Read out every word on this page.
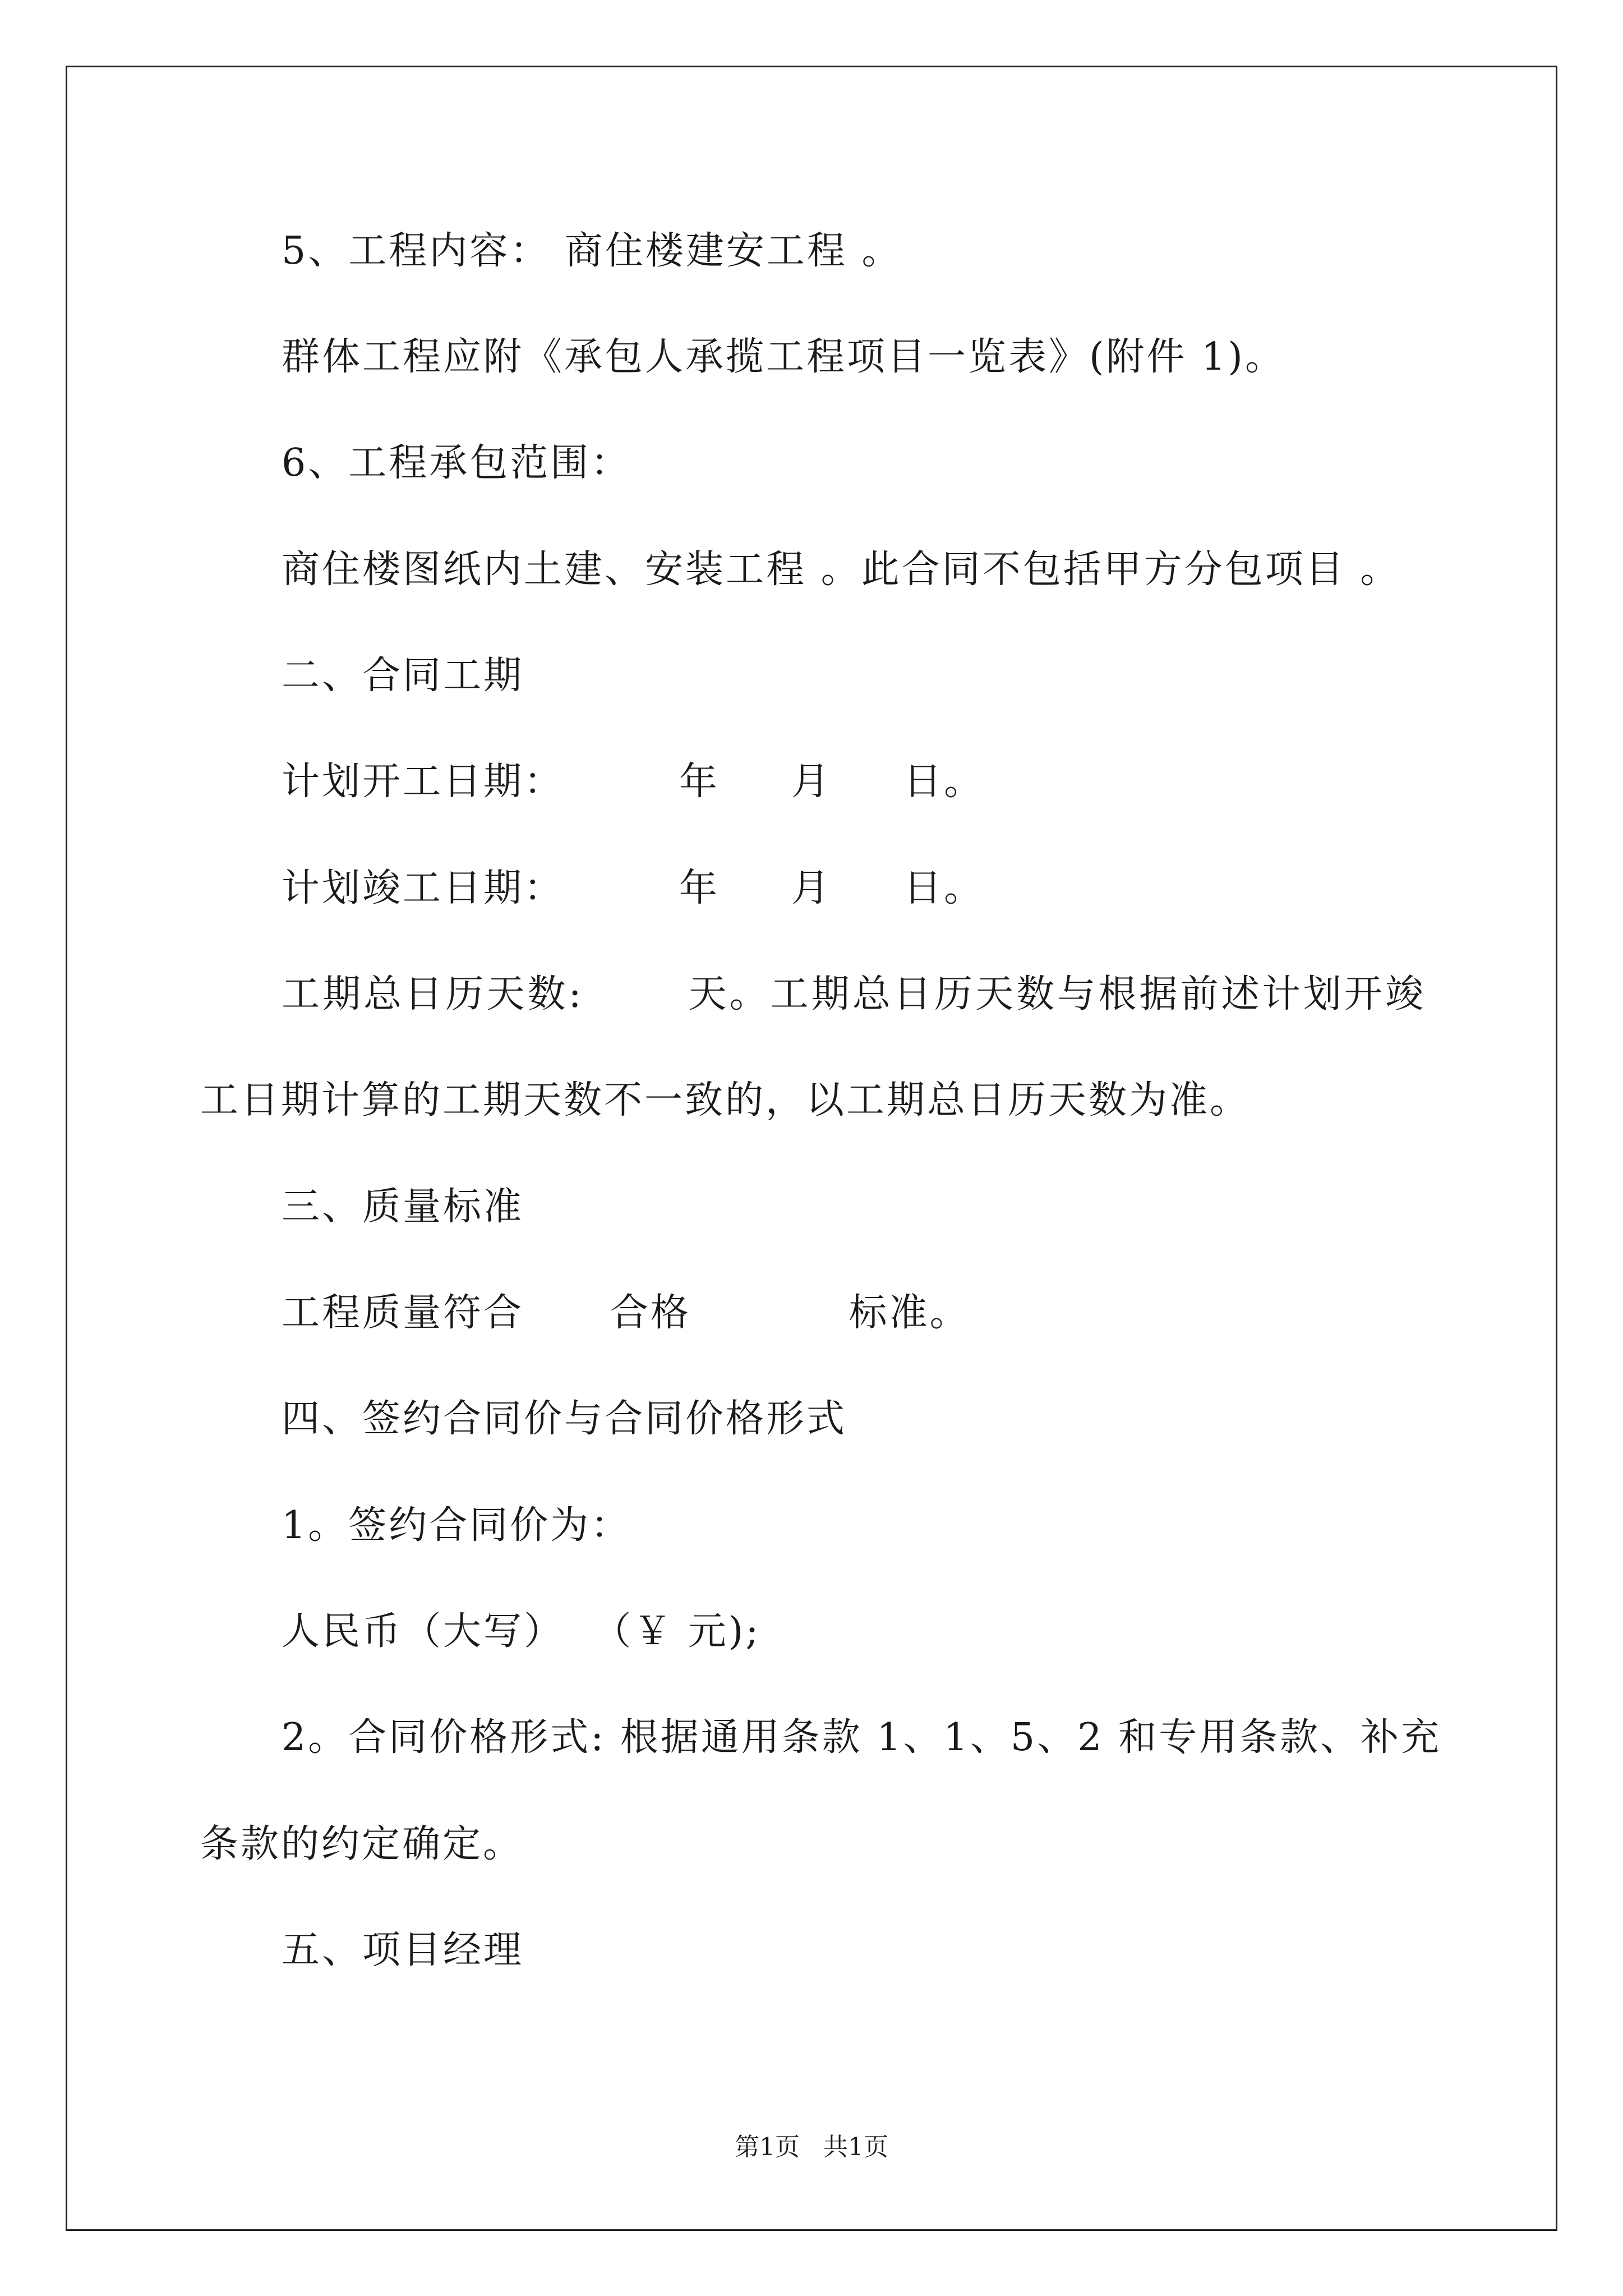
5、工程内容： 商住楼建安工程 。
群体工程应附《承包人承揽工程项目一览表》(附件 1)。
6、工程承包范围：
商住楼图纸内土建、安装工程 。此合同不包括甲方分包项目 。
二、合同工期
计划开工日期：        年     月     日。
计划竣工日期：        年     月     日。
工期总日历天数:       天。工期总日历天数与根据前述计划开竣
工日期计算的工期天数不一致的，以工期总日历天数为准。
三、质量标准
工程质量符合      合格           标准。
四、签约合同价与合同价格形式
1。签约合同价为：
人民币（大写）  （￥ 元);
2。合同价格形式: 根据通用条款 1、1、5、2 和专用条款、补充
条款的约定确定。
五、项目经理
第1页   共1页
